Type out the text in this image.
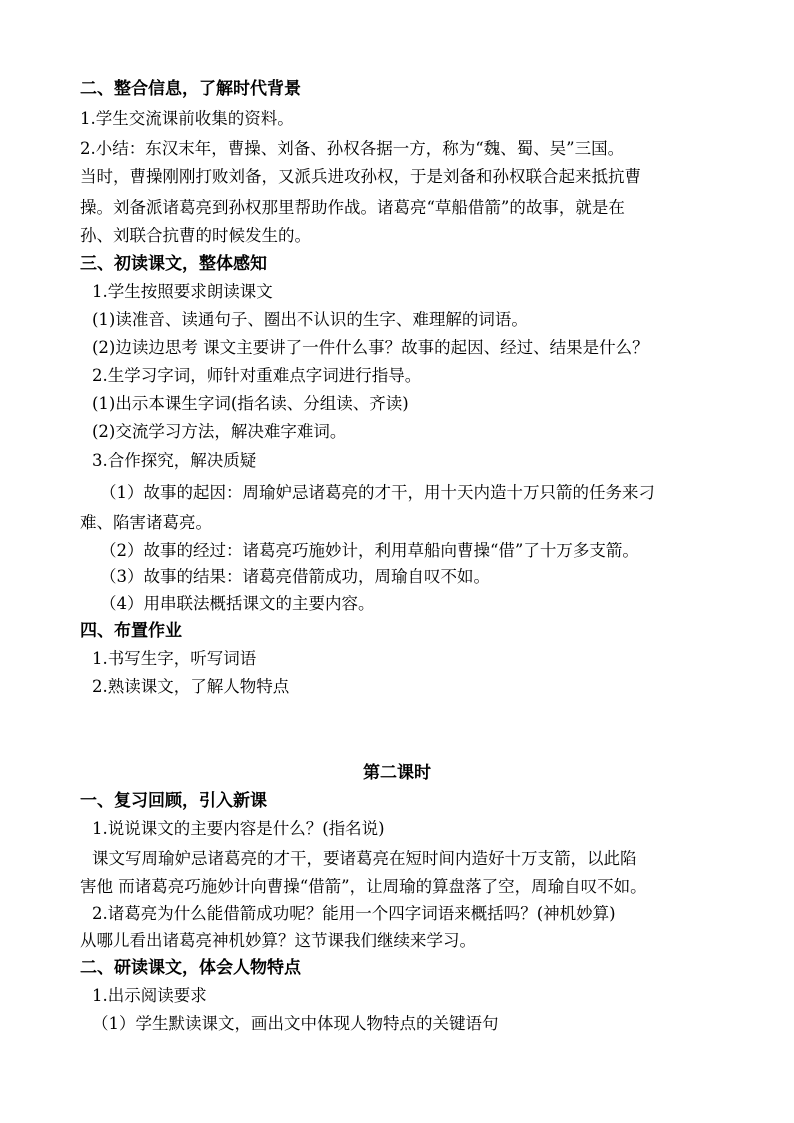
二、整合信息，了解时代背景
1.学生交流课前收集的资料。
2.小结：东汉末年，曹操、刘备、孙权各据一方，称为“魏、蜀、吴”三国。
当时，曹操刚刚打败刘备，又派兵进攻孙权，于是刘备和孙权联合起来抵抗曹
操。刘备派诸葛亮到孙权那里帮助作战。诸葛亮“草船借箭”的故事，就是在
孙、刘联合抗曹的时候发生的。
三、初读课文，整体感知
1.学生按照要求朗读课文
(1)读准音、读通句子、圈出不认识的生字、难理解的词语。
(2)边读边思考 课文主要讲了一件什么事？故事的起因、经过、结果是什么？
2.生学习字词，师针对重难点字词进行指导。
(1)出示本课生字词(指名读、分组读、齐读)
(2)交流学习方法，解决难字难词。
3.合作探究，解决质疑
（1）故事的起因：周瑜妒忌诸葛亮的才干，用十天内造十万只箭的任务来刁
难、陷害诸葛亮。
（2）故事的经过：诸葛亮巧施妙计，利用草船向曹操“借”了十万多支箭。
（3）故事的结果：诸葛亮借箭成功，周瑜自叹不如。
（4）用串联法概括课文的主要内容。
四、布置作业
1.书写生字，听写词语
2.熟读课文，了解人物特点
第二课时
一、复习回顾，引入新课
1.说说课文的主要内容是什么？(指名说)
课文写周瑜妒忌诸葛亮的才干，要诸葛亮在短时间内造好十万支箭，以此陷
害他 而诸葛亮巧施妙计向曹操“借箭”，让周瑜的算盘落了空，周瑜自叹不如。
2.诸葛亮为什么能借箭成功呢？能用一个四字词语来概括吗？(神机妙算)
从哪儿看出诸葛亮神机妙算？这节课我们继续来学习。
二、研读课文，体会人物特点
1.出示阅读要求
（1）学生默读课文，画出文中体现人物特点的关键语句
